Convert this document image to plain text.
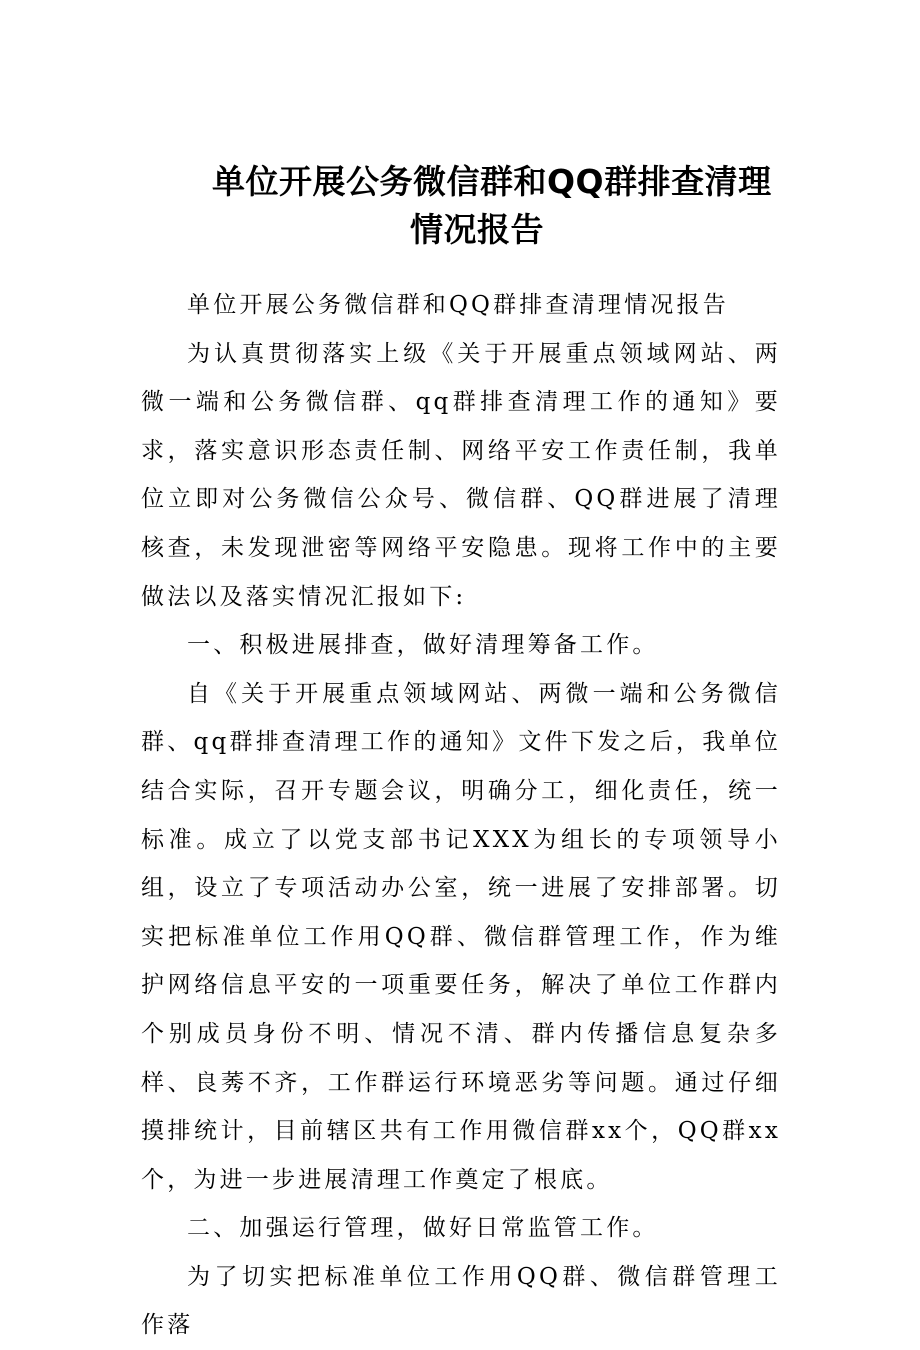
单位开展公务微信群和QQ群排查清理
情况报告

单位开展公务微信群和QQ群排查清理情况报告

为认真贯彻落实上级《关于开展重点领域网站、两微一端和公务微信群、qq群排查清理工作的通知》要求，落实意识形态责任制、网络平安工作责任制，我单位立即对公务微信公众号、微信群、QQ群进展了清理核查，未发现泄密等网络平安隐患。现将工作中的主要做法以及落实情况汇报如下:

一、积极进展排查，做好清理筹备工作。

自《关于开展重点领域网站、两微一端和公务微信群、qq群排查清理工作的通知》文件下发之后，我单位结合实际，召开专题会议，明确分工，细化责任，统一标准。成立了以党支部书记XXX为组长的专项领导小组，设立了专项活动办公室，统一进展了安排部署。切实把标准单位工作用QQ群、微信群管理工作，作为维护网络信息平安的一项重要任务，解决了单位工作群内个别成员身份不明、情况不清、群内传播信息复杂多样、良莠不齐，工作群运行环境恶劣等问题。通过仔细摸排统计，目前辖区共有工作用微信群xx个，QQ群xx个，为进一步进展清理工作奠定了根底。

二、加强运行管理，做好日常监管工作。

为了切实把标准单位工作用QQ群、微信群管理工作落
